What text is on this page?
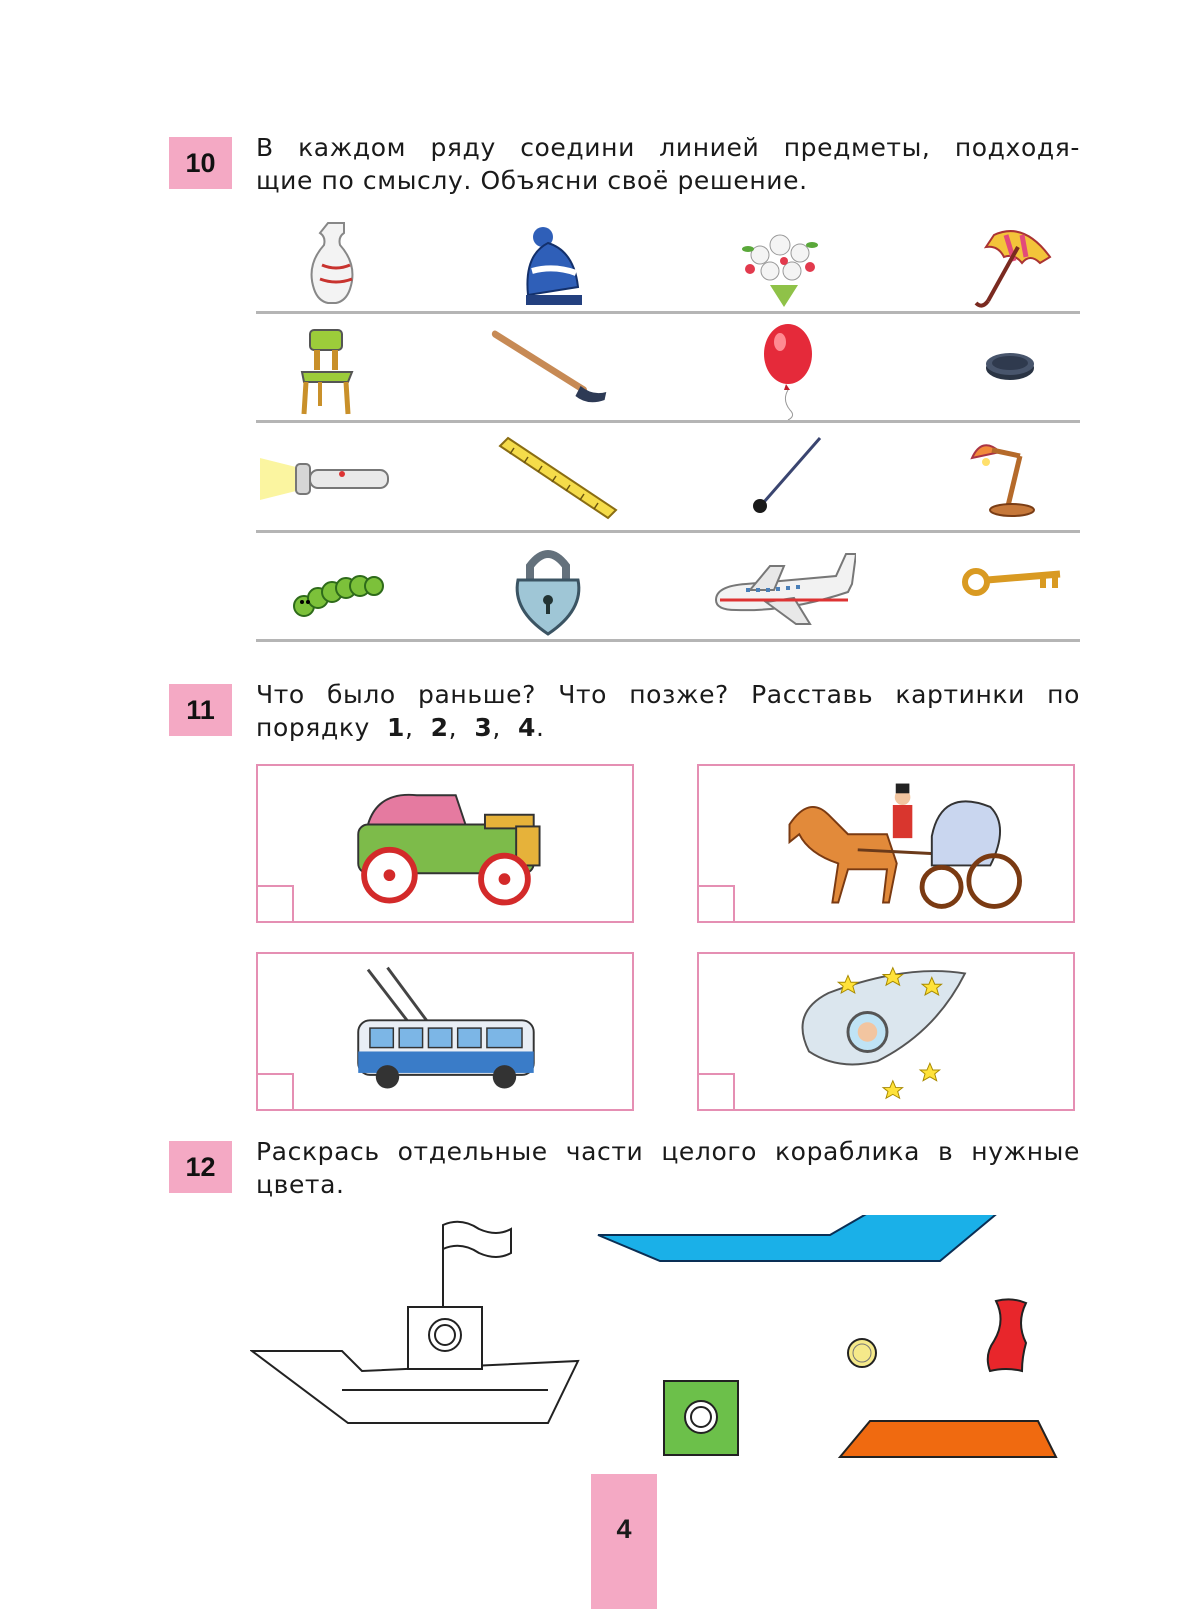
10	В каждом ряду соедини линией предметы, подходя-
щие по смыслу. Объясни своё решение.
11	Что было раньше? Что позже? Расставь картинки по
порядку 1,  2,  3,  4.
12	Раскрась отдельные части целого кораблика в нужные
цвета.
4
